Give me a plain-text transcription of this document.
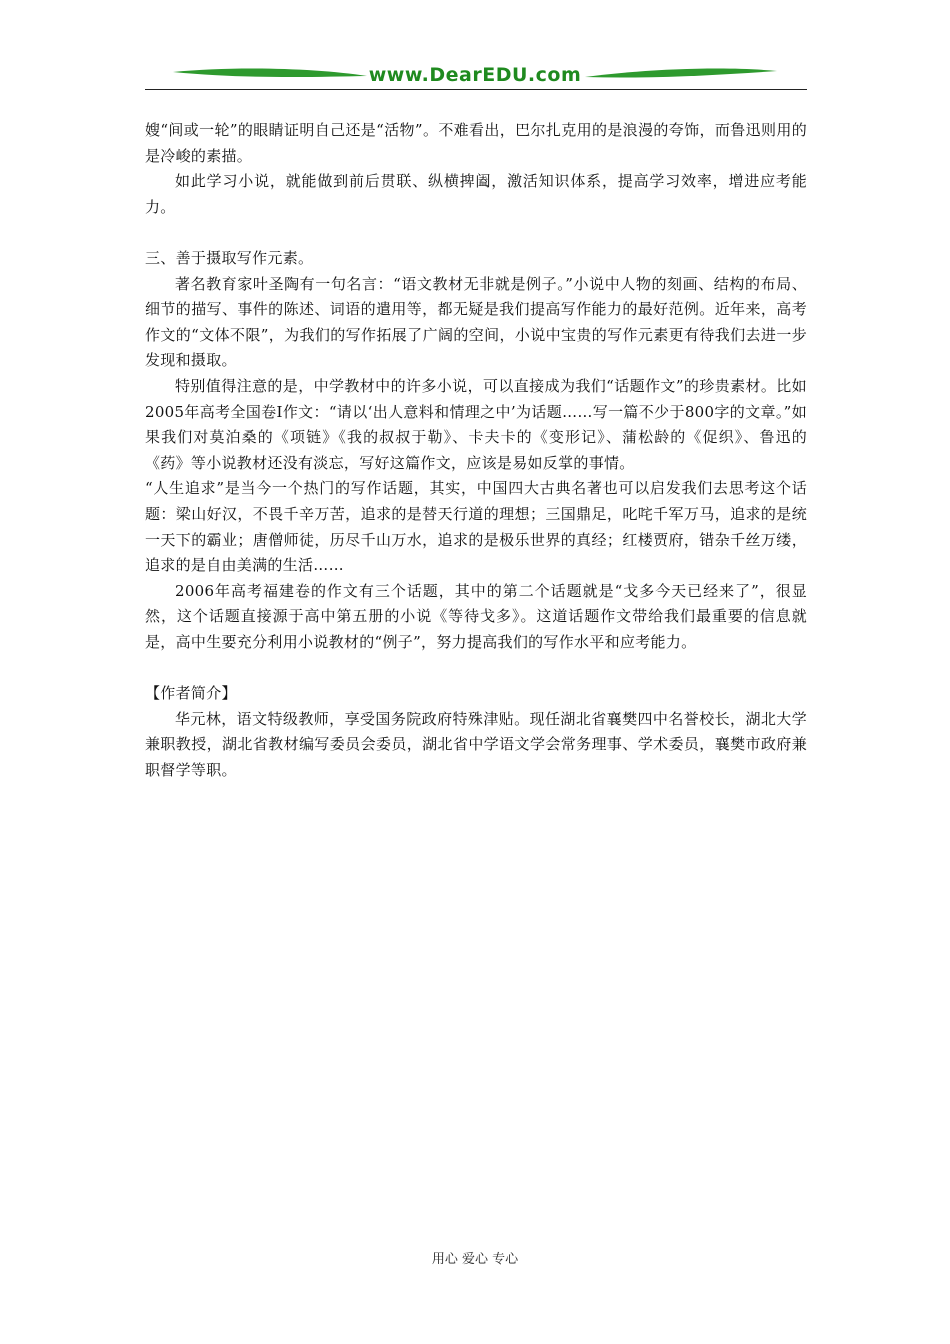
www.DearEDU.com

嫂“间或一轮”的眼睛证明自己还是“活物”。不难看出，巴尔扎克用的是浪漫的夸饰，而鲁迅则用的是冷峻的素描。

如此学习小说，就能做到前后贯联、纵横捭阖，激活知识体系，提高学习效率，增进应考能力。

三、善于摄取写作元素。

著名教育家叶圣陶有一句名言：“语文教材无非就是例子。”小说中人物的刻画、结构的布局、细节的描写、事件的陈述、词语的遣用等，都无疑是我们提高写作能力的最好范例。近年来，高考作文的“文体不限”，为我们的写作拓展了广阔的空间，小说中宝贵的写作元素更有待我们去进一步发现和摄取。

特别值得注意的是，中学教材中的许多小说，可以直接成为我们“话题作文”的珍贵素材。比如2005年高考全国卷Ⅰ作文：“请以‘出人意料和情理之中’为话题……写一篇不少于800字的文章。”如果我们对莫泊桑的《项链》《我的叔叔于勒》、卡夫卡的《变形记》、蒲松龄的《促织》、鲁迅的《药》等小说教材还没有淡忘，写好这篇作文，应该是易如反掌的事情。

“人生追求”是当今一个热门的写作话题，其实，中国四大古典名著也可以启发我们去思考这个话题：梁山好汉，不畏千辛万苦，追求的是替天行道的理想；三国鼎足，叱咤千军万马，追求的是统一天下的霸业；唐僧师徒，历尽千山万水，追求的是极乐世界的真经；红楼贾府，错杂千丝万缕，追求的是自由美满的生活……

2006年高考福建卷的作文有三个话题，其中的第二个话题就是“戈多今天已经来了”，很显然，这个话题直接源于高中第五册的小说《等待戈多》。这道话题作文带给我们最重要的信息就是，高中生要充分利用小说教材的“例子”，努力提高我们的写作水平和应考能力。

【作者简介】

华元林，语文特级教师，享受国务院政府特殊津贴。现任湖北省襄樊四中名誉校长，湖北大学兼职教授，湖北省教材编写委员会委员，湖北省中学语文学会常务理事、学术委员，襄樊市政府兼职督学等职。

用心 爱心 专心
